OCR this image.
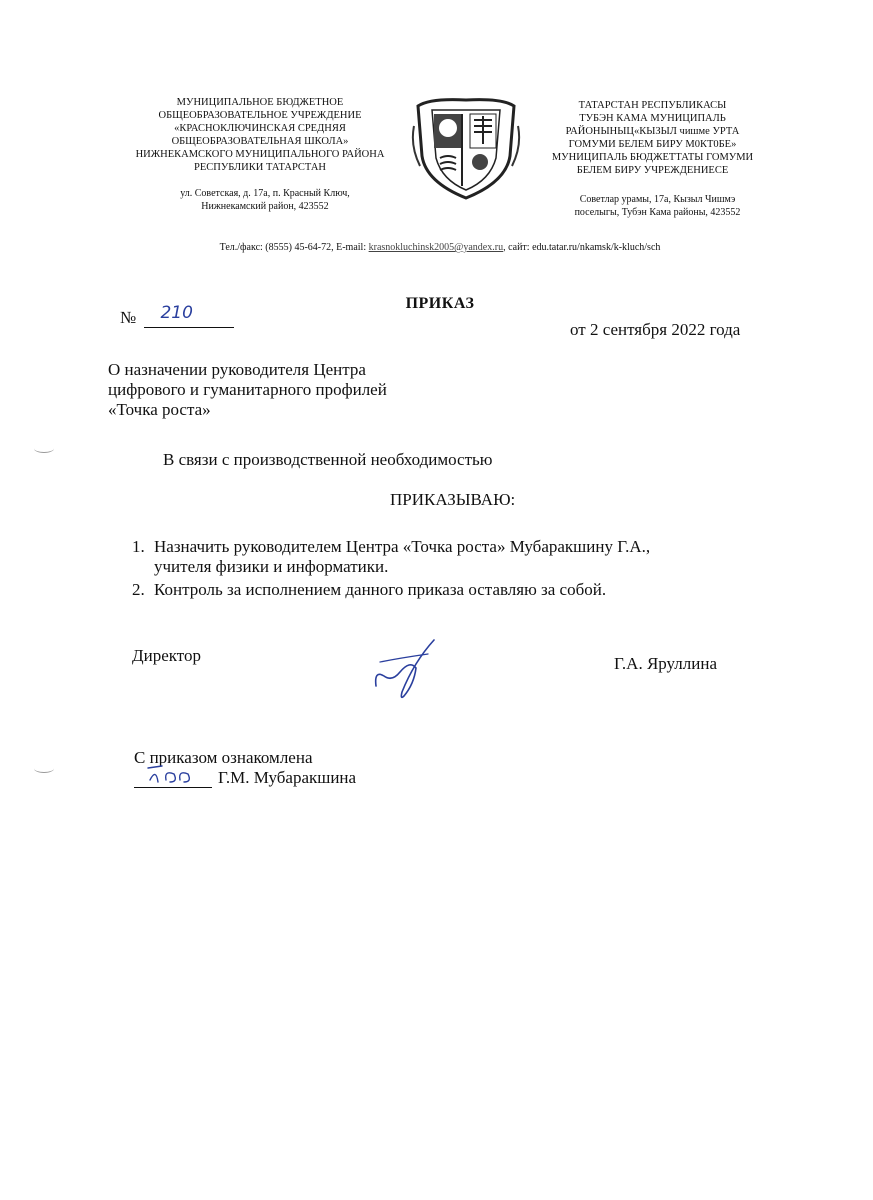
МУНИЦИПАЛЬНОЕ БЮДЖЕТНОЕ
ОБЩЕОБРАЗОВАТЕЛЬНОЕ УЧРЕЖДЕНИЕ
«КРАСНОКЛЮЧИНСКАЯ СРЕДНЯЯ
ОБЩЕОБРАЗОВАТЕЛЬНАЯ ШКОЛА»
НИЖНЕКАМСКОГО МУНИЦИПАЛЬНОГО РАЙОНА
РЕСПУБЛИКИ ТАТАРСТАН
ул. Советская, д. 17а, п. Красный Ключ,
Нижнекамский район, 423552
ТАТАРСТАН РЕСПУБЛИКАСЫ
ТУБЭН КАМА МУНИЦИПАЛЬ
РАЙОНЫНЫЦ«КЫЗЫЛ чишме УРТА
ГОМУМИ БЕЛЕМ БИРУ М0КТ0БЕ»
МУНИЦИПАЛЬ БЮДЖЕТТАТЫ ГОМУМИ
БЕЛЕМ БИРУ УЧРЕЖДЕНИЕСЕ
Советлар урамы, 17а, Кызыл Чишмэ
поселыгы, Тубэн Кама районы, 423552
Тел./факс: (8555) 45-64-72, E-mail: krasnokluchinsk2005@yandex.ru, сайт: edu.tatar.ru/nkamsk/k-kluch/sch
ПРИКАЗ
№ 210
от 2 сентября 2022 года
О назначении руководителя Центра
цифрового и гуманитарного профилей
«Точка роста»
В связи с производственной необходимостью
ПРИКАЗЫВАЮ:
1. Назначить руководителем Центра «Точка роста» Мубаракшину Г.А.,
учителя физики и информатики.
2. Контроль за исполнением данного приказа оставляю за собой.
Директор	Г.А. Яруллина
С приказом ознакомлена
Г.М. Мубаракшина
